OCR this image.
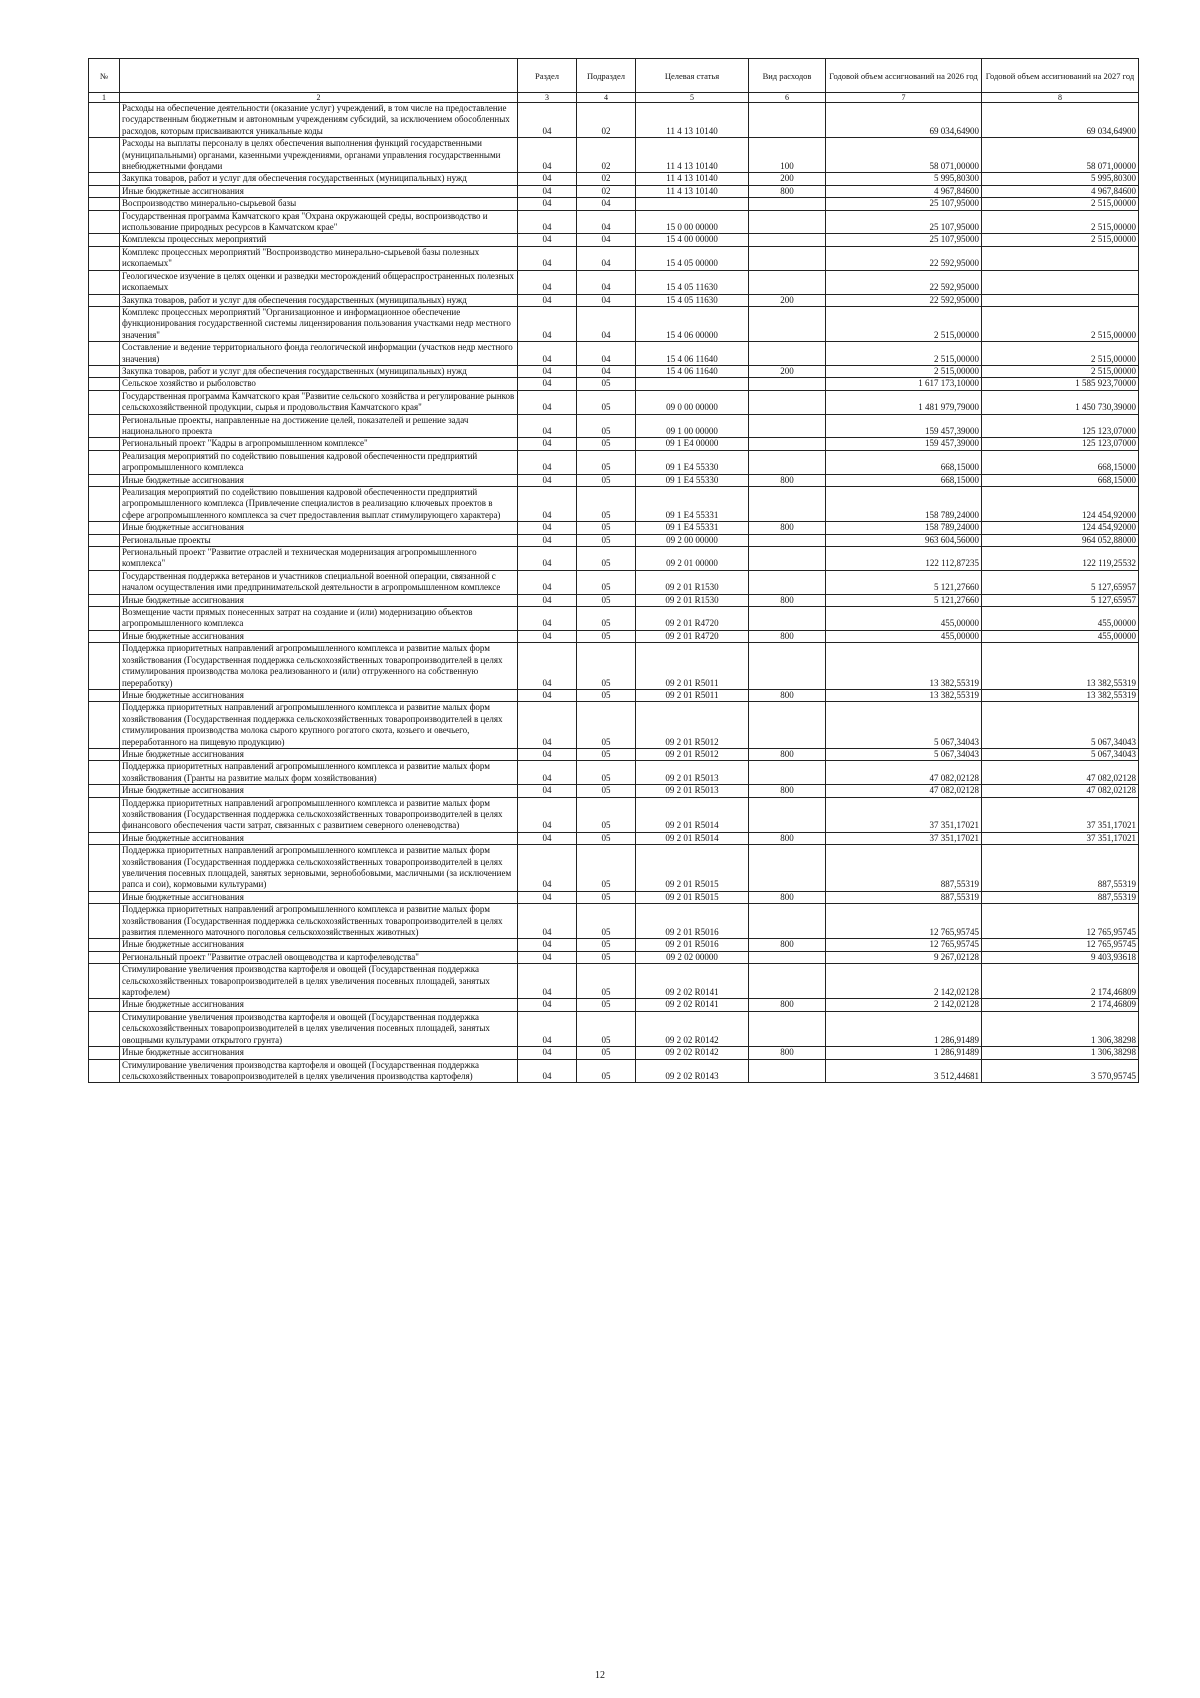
№		Раздел	Подраздел	Целевая статья	Вид расходов	Годовой объем ассигнований на 2026 год	Годовой объем ассигнований на 2027 год
1	2	3	4	5	6	7	8
	Расходы на обеспечение деятельности (оказание услуг) учреждений, в том числе на предоставление государственным бюджетным и автономным учреждениям субсидий, за исключением обособленных расходов, которым присваиваются уникальные коды	04	02	11 4 13 10140		69 034,64900	69 034,64900
	Расходы на выплаты персоналу в целях обеспечения выполнения функций государственными (муниципальными) органами, казенными учреждениями, органами управления государственными внебюджетными фондами	04	02	11 4 13 10140	100	58 071,00000	58 071,00000
	Закупка товаров, работ и услуг для обеспечения государственных (муниципальных) нужд	04	02	11 4 13 10140	200	5 995,80300	5 995,80300
	Иные бюджетные ассигнования	04	02	11 4 13 10140	800	4 967,84600	4 967,84600
	Воспроизводство минерально-сырьевой базы	04	04			25 107,95000	2 515,00000
	Государственная программа Камчатского края "Охрана окружающей среды, воспроизводство и использование природных ресурсов в Камчатском крае"	04	04	15 0 00 00000		25 107,95000	2 515,00000
	Комплексы процессных мероприятий	04	04	15 4 00 00000		25 107,95000	2 515,00000
	Комплекс процессных мероприятий "Воспроизводство минерально-сырьевой базы полезных ископаемых"	04	04	15 4 05 00000		22 592,95000	
	Геологическое изучение в целях оценки и разведки месторождений общераспространенных полезных ископаемых	04	04	15 4 05 11630		22 592,95000	
	Закупка товаров, работ и услуг для обеспечения государственных (муниципальных) нужд	04	04	15 4 05 11630	200	22 592,95000	
	Комплекс процессных мероприятий "Организационное и информационное обеспечение функционирования государственной системы лицензирования пользования участками недр местного значения"	04	04	15 4 06 00000		2 515,00000	2 515,00000
	Составление и ведение территориального фонда геологической информации (участков недр местного значения)	04	04	15 4 06 11640		2 515,00000	2 515,00000
	Закупка товаров, работ и услуг для обеспечения государственных (муниципальных) нужд	04	04	15 4 06 11640	200	2 515,00000	2 515,00000
	Сельское хозяйство и рыболовство	04	05			1 617 173,10000	1 585 923,70000
	Государственная программа Камчатского края "Развитие сельского хозяйства и регулирование рынков сельскохозяйственной продукции, сырья и продовольствия Камчатского края"	04	05	09 0 00 00000		1 481 979,79000	1 450 730,39000
	Региональные проекты, направленные на достижение целей, показателей и решение задач национального проекта	04	05	09 1 00 00000		159 457,39000	125 123,07000
	Региональный проект "Кадры в агропромышленном комплексе"	04	05	09 1 Е4 00000		159 457,39000	125 123,07000
	Реализация мероприятий по содействию повышения кадровой обеспеченности предприятий агропромышленного комплекса	04	05	09 1 Е4 55330		668,15000	668,15000
	Иные бюджетные ассигнования	04	05	09 1 Е4 55330	800	668,15000	668,15000
	Реализация мероприятий по содействию повышения кадровой обеспеченности предприятий агропромышленного комплекса (Привлечение специалистов в реализацию ключевых проектов в сфере агропромышленного комплекса за счет предоставления выплат стимулирующего характера)	04	05	09 1 Е4 55331		158 789,24000	124 454,92000
	Иные бюджетные ассигнования	04	05	09 1 Е4 55331	800	158 789,24000	124 454,92000
	Региональные проекты	04	05	09 2 00 00000		963 604,56000	964 052,88000
	Региональный проект "Развитие отраслей и техническая модернизация агропромышленного комплекса"	04	05	09 2 01 00000		122 112,87235	122 119,25532
	Государственная поддержка ветеранов и участников специальной военной операции, связанной с началом осуществления ими предпринимательской деятельности в агропромышленном комплексе	04	05	09 2 01 R1530		5 121,27660	5 127,65957
	Иные бюджетные ассигнования	04	05	09 2 01 R1530	800	5 121,27660	5 127,65957
	Возмещение части прямых понесенных затрат на создание и (или) модернизацию объектов агропромышленного комплекса	04	05	09 2 01 R4720		455,00000	455,00000
	Иные бюджетные ассигнования	04	05	09 2 01 R4720	800	455,00000	455,00000
	Поддержка приоритетных направлений агропромышленного комплекса и развитие малых форм хозяйствования (Государственная поддержка сельскохозяйственных товаропроизводителей в целях стимулирования производства молока реализованного и (или) отгруженного на собственную переработку)	04	05	09 2 01 R5011		13 382,55319	13 382,55319
	Иные бюджетные ассигнования	04	05	09 2 01 R5011	800	13 382,55319	13 382,55319
	Поддержка приоритетных направлений агропромышленного комплекса и развитие малых форм хозяйствования (Государственная поддержка сельскохозяйственных товаропроизводителей в целях стимулирования производства молока сырого крупного рогатого скота, козьего и овечьего, переработанного на пищевую продукцию)	04	05	09 2 01 R5012		5 067,34043	5 067,34043
	Иные бюджетные ассигнования	04	05	09 2 01 R5012	800	5 067,34043	5 067,34043
	Поддержка приоритетных направлений агропромышленного комплекса и развитие малых форм хозяйствования (Гранты на развитие малых форм хозяйствования)	04	05	09 2 01 R5013		47 082,02128	47 082,02128
	Иные бюджетные ассигнования	04	05	09 2 01 R5013	800	47 082,02128	47 082,02128
	Поддержка приоритетных направлений агропромышленного комплекса и развитие малых форм хозяйствования (Государственная поддержка сельскохозяйственных товаропроизводителей в целях финансового обеспечения части затрат, связанных с развитием северного оленеводства)	04	05	09 2 01 R5014		37 351,17021	37 351,17021
	Иные бюджетные ассигнования	04	05	09 2 01 R5014	800	37 351,17021	37 351,17021
	Поддержка приоритетных направлений агропромышленного комплекса и развитие малых форм хозяйствования (Государственная поддержка сельскохозяйственных товаропроизводителей в целях увеличения посевных площадей, занятых зерновыми, зернобобовыми, масличными (за исключением рапса и сои), кормовыми культурами)	04	05	09 2 01 R5015		887,55319	887,55319
	Иные бюджетные ассигнования	04	05	09 2 01 R5015	800	887,55319	887,55319
	Поддержка приоритетных направлений агропромышленного комплекса и развитие малых форм хозяйствования (Государственная поддержка сельскохозяйственных товаропроизводителей в целях развития племенного маточного поголовья сельскохозяйственных животных)	04	05	09 2 01 R5016		12 765,95745	12 765,95745
	Иные бюджетные ассигнования	04	05	09 2 01 R5016	800	12 765,95745	12 765,95745
	Региональный проект "Развитие отраслей овощеводства и картофелеводства"	04	05	09 2 02 00000		9 267,02128	9 403,93618
	Стимулирование увеличения производства картофеля и овощей (Государственная поддержка сельскохозяйственных товаропроизводителей в целях увеличения посевных площадей, занятых картофелем)	04	05	09 2 02 R0141		2 142,02128	2 174,46809
	Иные бюджетные ассигнования	04	05	09 2 02 R0141	800	2 142,02128	2 174,46809
	Стимулирование увеличения производства картофеля и овощей (Государственная поддержка сельскохозяйственных товаропроизводителей в целях увеличения посевных площадей, занятых овощными культурами открытого грунта)	04	05	09 2 02 R0142		1 286,91489	1 306,38298
	Иные бюджетные ассигнования	04	05	09 2 02 R0142	800	1 286,91489	1 306,38298
	Стимулирование увеличения производства картофеля и овощей (Государственная поддержка сельскохозяйственных товаропроизводителей в целях увеличения производства картофеля)	04	05	09 2 02 R0143		3 512,44681	3 570,95745
12
